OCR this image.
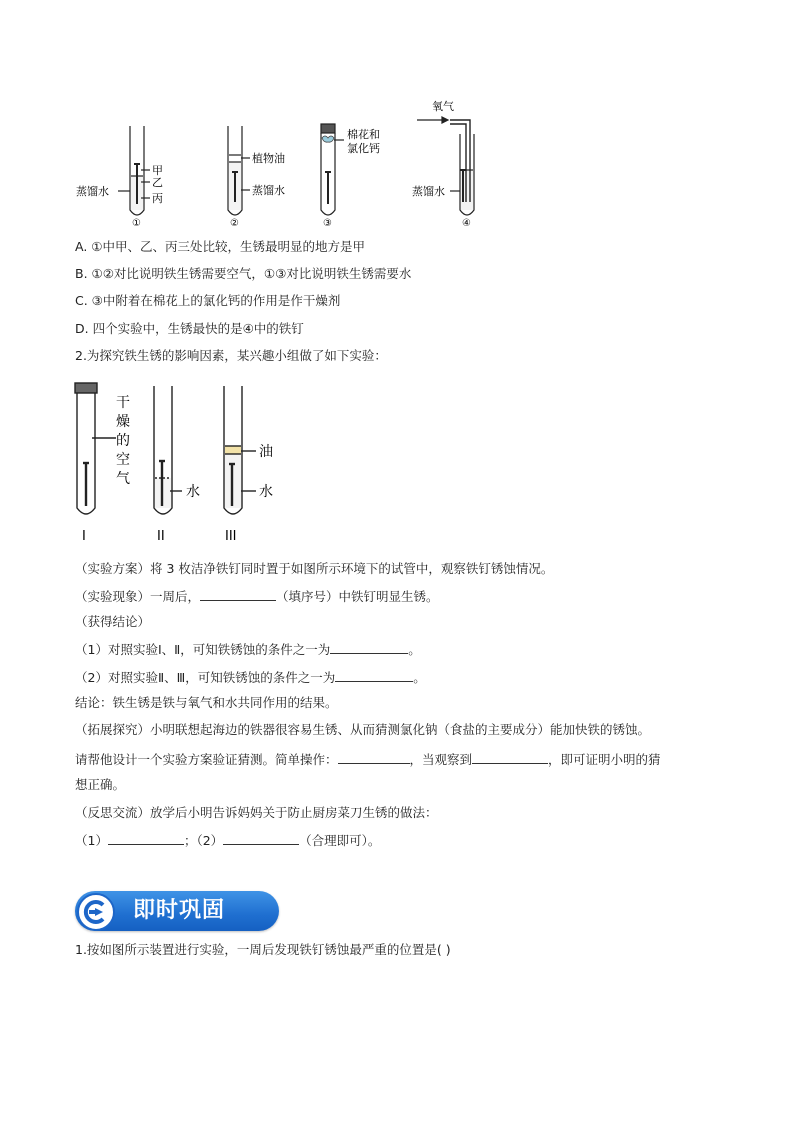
甲
乙
丙
蒸馏水
植物油
蒸馏水
棉花和
氯化钙
氧气
蒸馏水
①	②	③	④
A. ①中甲、乙、丙三处比较，生锈最明显的地方是甲
B. ①②对比说明铁生锈需要空气，①③对比说明铁生锈需要水
C. ③中附着在棉花上的氯化钙的作用是作干燥剂
D. 四个实验中，生锈最快的是④中的铁钉
2.为探究铁生锈的影响因素，某兴趣小组做了如下实验：
干
燥
的
空
气
水
油
水
I	II	III
（实验方案）将 3 枚洁净铁钉同时置于如图所示环境下的试管中，观察铁钉锈蚀情况。
（实验现象）一周后，	（填序号）中铁钉明显生锈。
（获得结论）
（1）对照实验Ⅰ、Ⅱ，可知铁锈蚀的条件之一为	。
（2）对照实验Ⅱ、Ⅲ，可知铁锈蚀的条件之一为	。
结论：铁生锈是铁与氧气和水共同作用的结果。
（拓展探究）小明联想起海边的铁器很容易生锈、从而猜测氯化钠（食盐的主要成分）能加快铁的锈蚀。
请帮他设计一个实验方案验证猜测。简单操作：	，当观察到	，即可证明小明的猜
想正确。
（反思交流）放学后小明告诉妈妈关于防止厨房菜刀生锈的做法：
（1）	；（2）	（合理即可）。
即时巩固
1.按如图所示装置进行实验，一周后发现铁钉锈蚀最严重的位置是( )
